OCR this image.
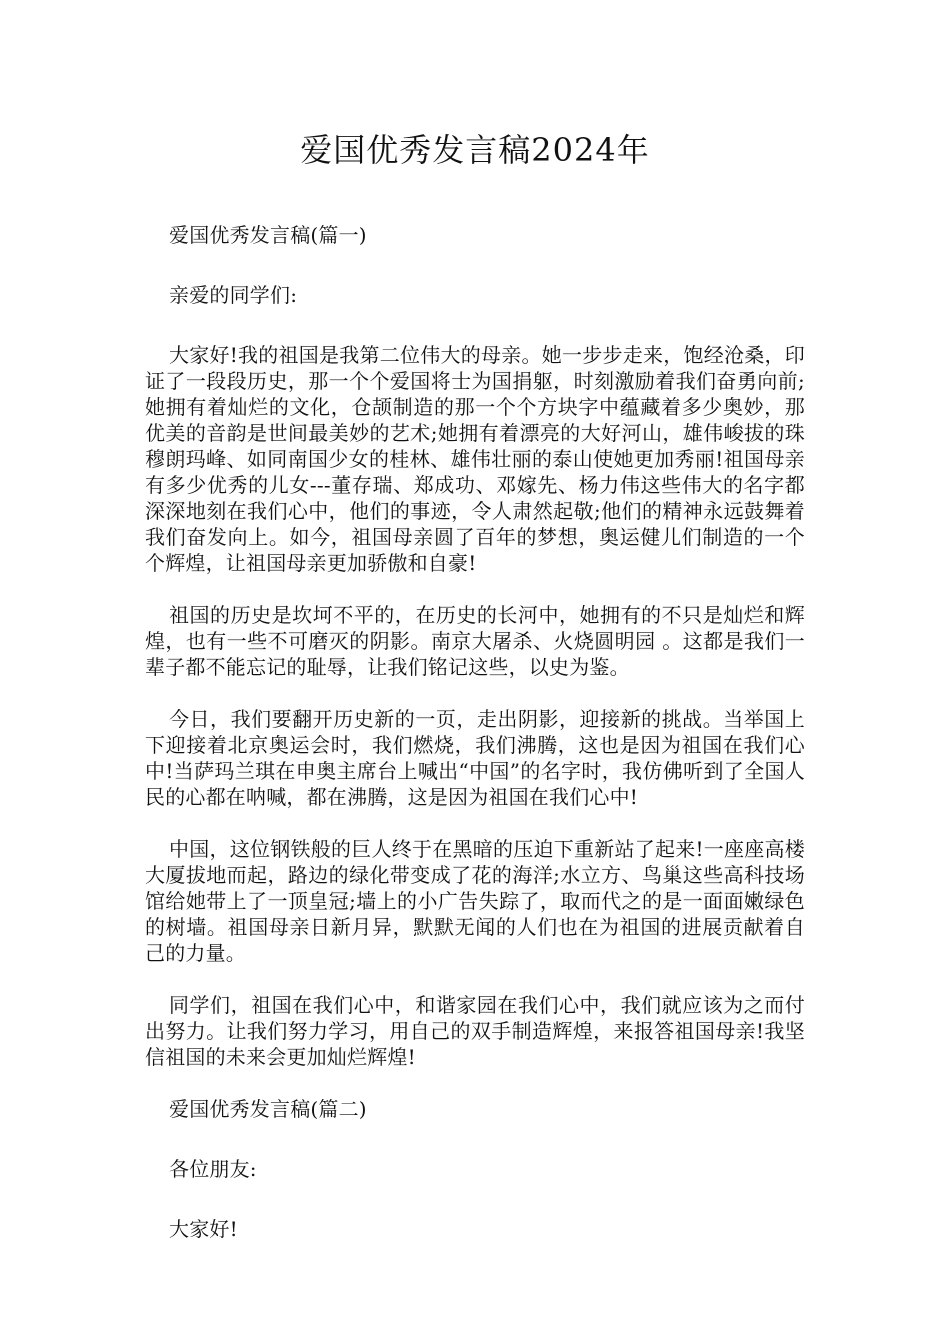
爱国优秀发言稿2024年

爱国优秀发言稿(篇一)

亲爱的同学们:

大家好!我的祖国是我第二位伟大的母亲。她一步步走来，饱经沧桑，印证了一段段历史，那一个个爱国将士为国捐躯，时刻激励着我们奋勇向前;她拥有着灿烂的文化，仓颉制造的那一个个方块字中蕴藏着多少奥妙，那优美的音韵是世间最美妙的艺术;她拥有着漂亮的大好河山，雄伟峻拔的珠穆朗玛峰、如同南国少女的桂林、雄伟壮丽的泰山使她更加秀丽!祖国母亲有多少优秀的儿女---董存瑞、郑成功、邓嫁先、杨力伟这些伟大的名字都深深地刻在我们心中，他们的事迹，令人肃然起敬;他们的精神永远鼓舞着我们奋发向上。如今，祖国母亲圆了百年的梦想，奥运健儿们制造的一个个辉煌，让祖国母亲更加骄傲和自豪!

祖国的历史是坎坷不平的，在历史的长河中，她拥有的不只是灿烂和辉煌，也有一些不可磨灭的阴影。南京大屠杀、火烧圆明园 。这都是我们一辈子都不能忘记的耻辱，让我们铭记这些，以史为鉴。

今日，我们要翻开历史新的一页，走出阴影，迎接新的挑战。当举国上下迎接着北京奥运会时，我们燃烧，我们沸腾，这也是因为祖国在我们心中!当萨玛兰琪在申奥主席台上喊出“中国”的名字时，我仿佛听到了全国人民的心都在呐喊，都在沸腾，这是因为祖国在我们心中!

中国，这位钢铁般的巨人终于在黑暗的压迫下重新站了起来!一座座高楼大厦拔地而起，路边的绿化带变成了花的海洋;水立方、鸟巢这些高科技场馆给她带上了一顶皇冠;墙上的小广告失踪了，取而代之的是一面面嫩绿色的树墙。祖国母亲日新月异，默默无闻的人们也在为祖国的进展贡献着自己的力量。

同学们，祖国在我们心中，和谐家园在我们心中，我们就应该为之而付出努力。让我们努力学习，用自己的双手制造辉煌，来报答祖国母亲!我坚信祖国的未来会更加灿烂辉煌!

爱国优秀发言稿(篇二)

各位朋友:

大家好!
